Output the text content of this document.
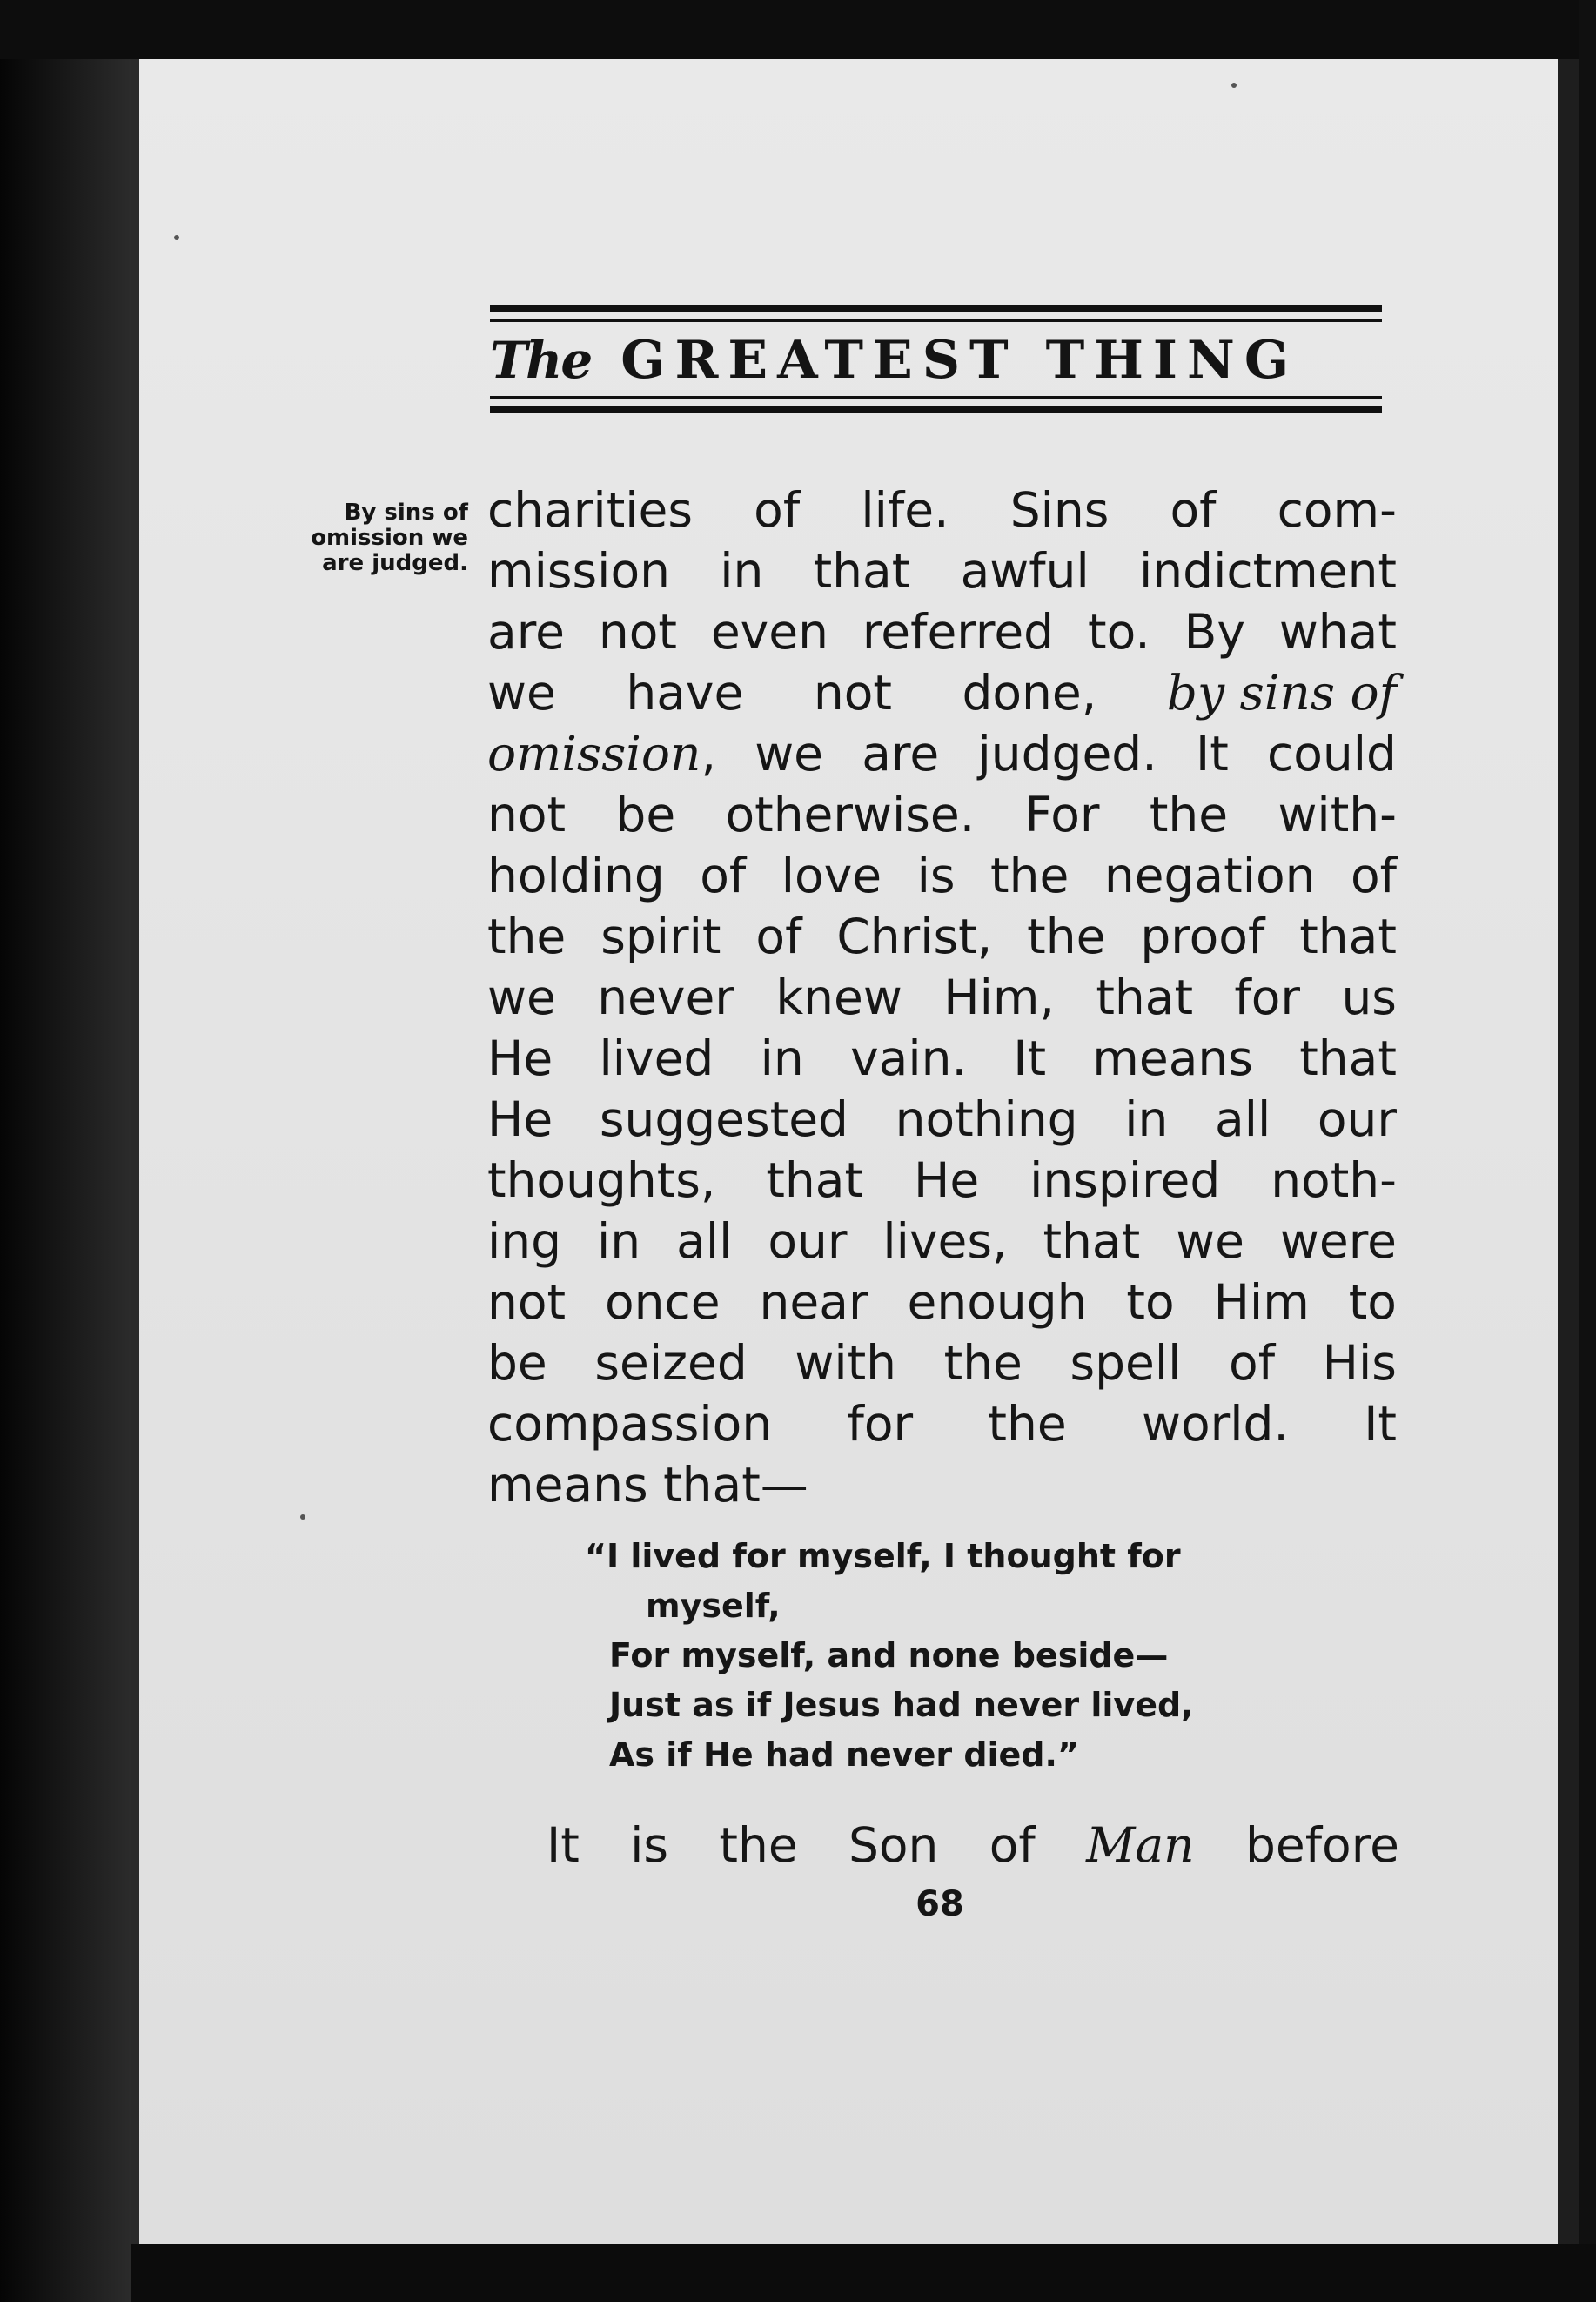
The GREATEST THING
By sins of
omission we
are judged.
charities of life. Sins of com-
mission in that awful indictment
are not even referred to. By what
we have not done, by sins of
omission, we are judged. It could
not be otherwise. For the with-
holding of love is the negation of
the spirit of Christ, the proof that
we never knew Him, that for us
He lived in vain. It means that
He suggested nothing in all our
thoughts, that He inspired noth-
ing in all our lives, that we were
not once near enough to Him to
be seized with the spell of His
compassion for the world. It
means that—
“I lived for myself, I thought for
myself,
For myself, and none beside—
Just as if Jesus had never lived,
As if He had never died.”
It is the Son of Man before
68
